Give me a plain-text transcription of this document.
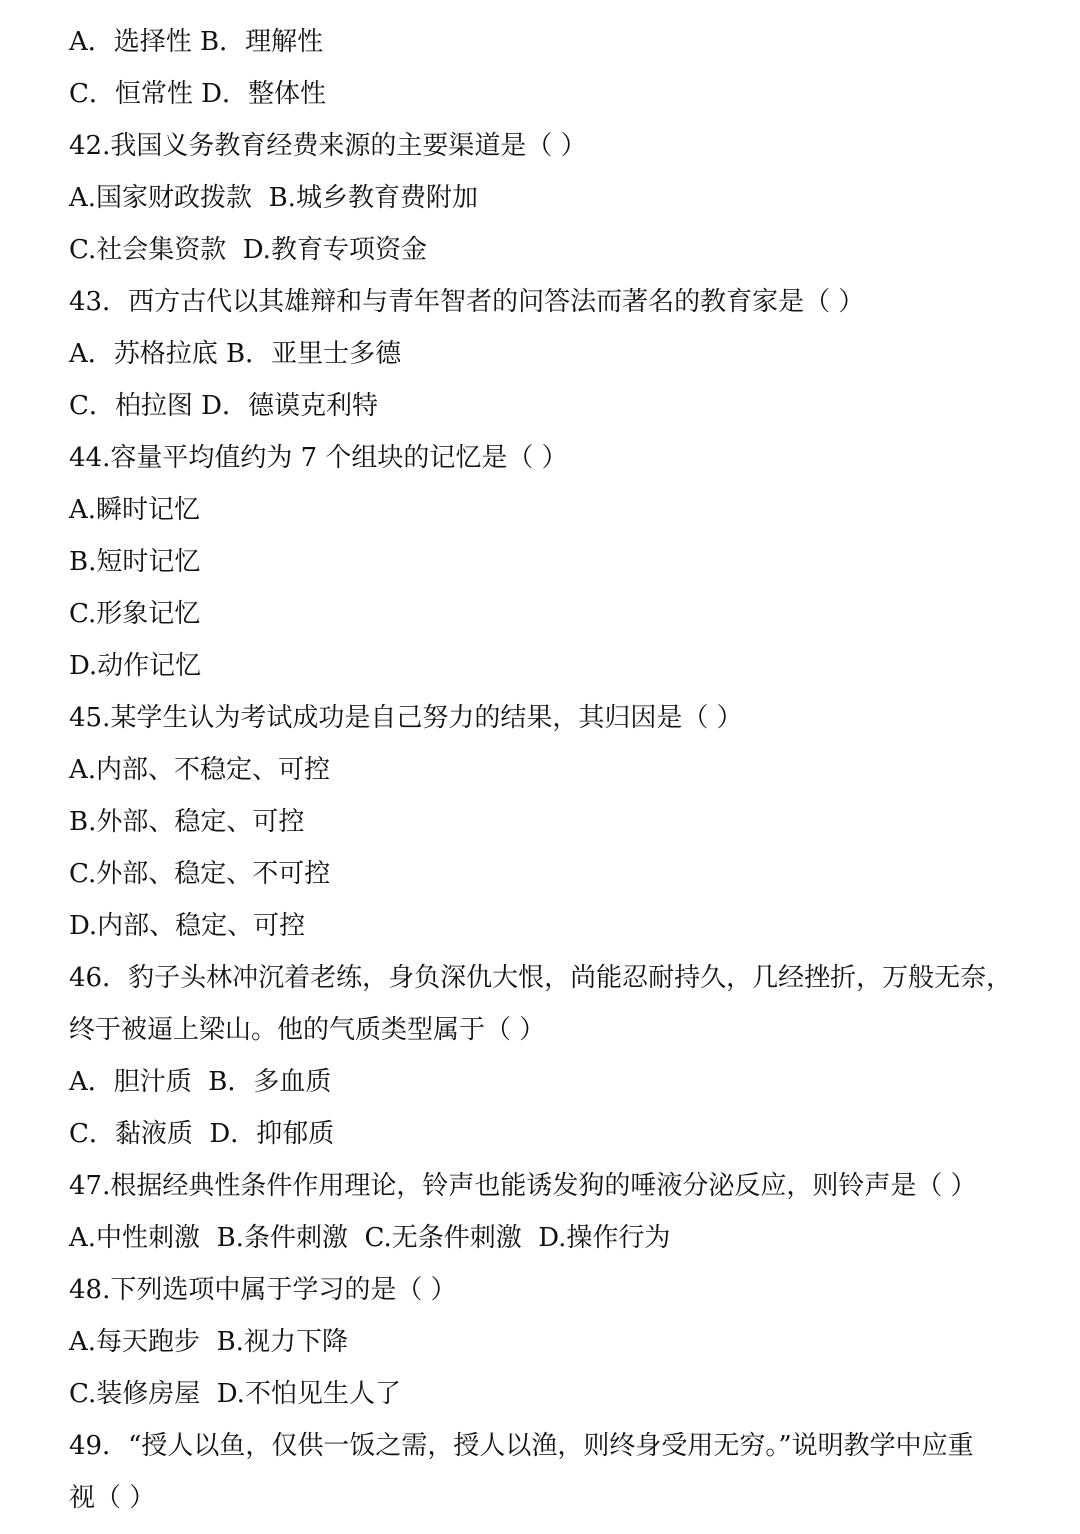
A．选择性 B．理解性
C．恒常性 D．整体性
42.我国义务教育经费来源的主要渠道是（ ）
A.国家财政拨款  B.城乡教育费附加
C.社会集资款  D.教育专项资金
43．西方古代以其雄辩和与青年智者的问答法而著名的教育家是（ ）
A．苏格拉底 B．亚里士多德
C．柏拉图 D．德谟克利特
44.容量平均值约为 7 个组块的记忆是（ ）
A.瞬时记忆
B.短时记忆
C.形象记忆
D.动作记忆
45.某学生认为考试成功是自己努力的结果，其归因是（ ）
A.内部、不稳定、可控
B.外部、稳定、可控
C.外部、稳定、不可控
D.内部、稳定、可控
46．豹子头林冲沉着老练，身负深仇大恨，尚能忍耐持久，几经挫折，万般无奈，
终于被逼上梁山。他的气质类型属于（ ）
A．胆汁质  B．多血质
C．黏液质  D．抑郁质
47.根据经典性条件作用理论，铃声也能诱发狗的唾液分泌反应，则铃声是（ ）
A.中性刺激  B.条件刺激  C.无条件刺激  D.操作行为
48.下列选项中属于学习的是（ ）
A.每天跑步  B.视力下降
C.装修房屋  D.不怕见生人了
49．“授人以鱼，仅供一饭之需，授人以渔，则终身受用无穷。”说明教学中应重
视（ ）
